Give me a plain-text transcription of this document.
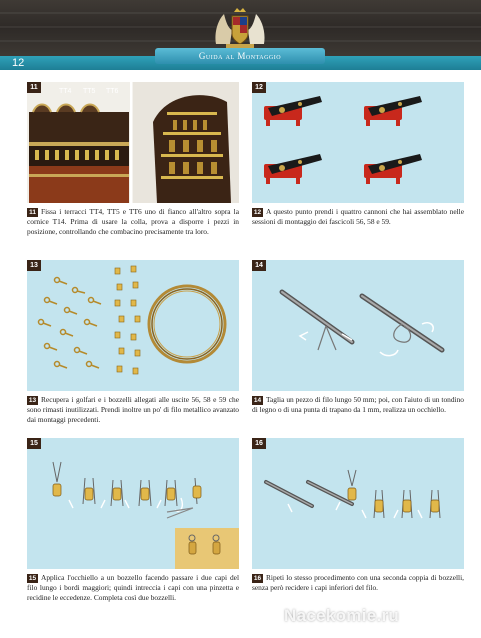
12
Guida al Montaggio
11
TT4 TT5 TT6
11 Fissa i terracci TT4, TT5 e TT6 uno di fianco all'altro sopra la cornice T14. Prima di usare la colla, prova a disporre i pezzi in posizione, controllando che combacino precisamente tra loro.
12
12 A questo punto prendi i quattro cannoni che hai assemblato nelle sessioni di montaggio dei fascicoli 56, 58 e 59.
13
13 Recupera i golfari e i bozzelli allegati alle uscite 56, 58 e 59 che sono rimasti inutilizzati. Prendi inoltre un po' di filo metallico avanzato dai montaggi precedenti.
14
14 Taglia un pezzo di filo lungo 50 mm; poi, con l'aiuto di un tondino di legno o di una punta di trapano da 1 mm, realizza un occhiello.
15
15 Applica l'occhiello a un bozzello facendo passare i due capi del filo lungo i bordi maggiori; quindi intreccia i capi con una pinzetta e recidine le eccedenze. Completa così due bozzelli.
16
16 Ripeti lo stesso procedimento con una seconda coppia di bozzelli, senza però recidere i capi inferiori del filo.
Nacekomie.ru
